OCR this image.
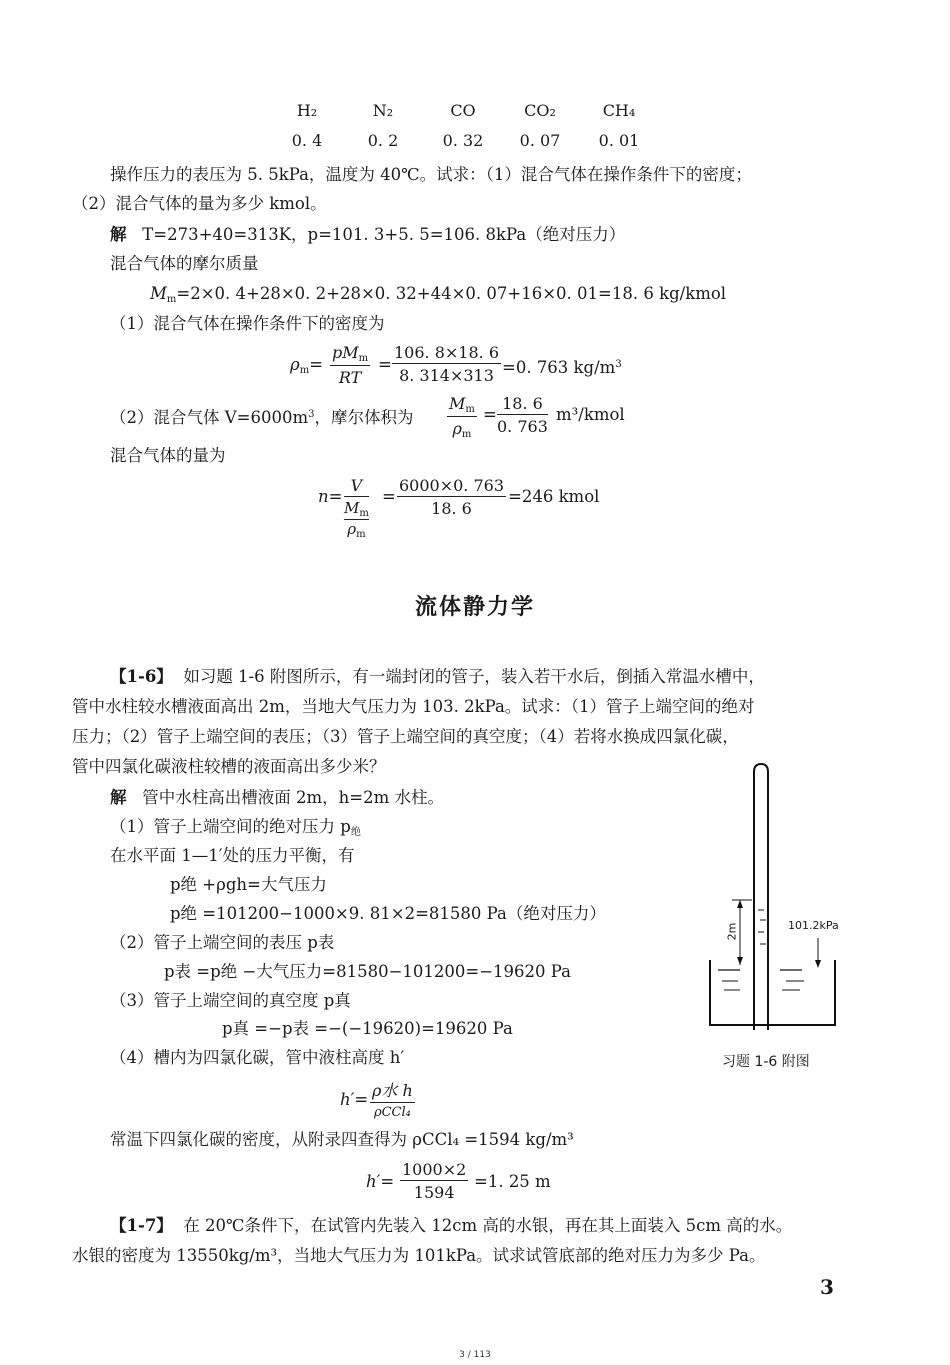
H₂	N₂	CO	CO₂	CH₄
0. 4	0. 2	0. 32	0. 07	0. 01
操作压力的表压为 5. 5kPa，温度为 40℃。试求：（1）混合气体在操作条件下的密度；
（2）混合气体的量为多少 kmol。
解 T=273+40=313K，p=101. 3+5. 5=106. 8kPa（绝对压力）
混合气体的摩尔质量
$M_m=2\times 0$. 4+28×0. 2+28×0. 32+44×0. 07+16×0. 01=18. 6 kg/kmol
（1）混合气体在操作条件下的密度为
$\rho_m=$
$pM_m$
RT
= $\frac{106. 8\times 18. 6}{8. 314\times 313} =0$. 763 $kg/m^3$
（2）混合气体 $V=6000m^3$，摩尔体积为 $\frac{M_m}{\rho_m} = \frac{18. 6}{0. 763}$ m³/kmol
混合气体的量为
n= V
$M_m$
$\rho_m = \frac{6000\times 0. 763}{18. 6} =246$ kmol
流体静力学
【1-6】 如习题 1-6 附图所示，有一端封闭的管子，装入若干水后，倒插入常温水槽中，
管中水柱较水槽液面高出 2m，当地大气压力为 103. 2kPa。试求：（1）管子上端空间的绝对
压力；（2）管子上端空间的表压；（3）管子上端空间的真空度；（4）若将水换成四氯化碳，
管中四氯化碳液柱较槽的液面高出多少米？
解 管中水柱高出槽液面 2m，h=2m 水柱。
（1）管子上端空间的绝对压力 $p_绝$
在水平面 1—1′处的压力平衡，有
p绝 +ρgh=大气压力
p绝 =101200−1000×9. 81×2=81580 Pa（绝对压力）
（2）管子上端空间的表压 p表
p表 =p绝 −大气压力=81580−101200=−19620 Pa
（3）管子上端空间的真空度 p真
p真 =−p表 =−(−19620)=19620 Pa
（4）槽内为四氯化碳，管中液柱高度 h′
h′= ρ水 h
ρCCl₄
常温下四氯化碳的密度，从附录四查得为 ρCCl₄ =1594 kg/m³
$h'= \frac{1000\times 2}{1594} =1$. 25 m
2m	101.2kPa
习题 1-6 附图
【1-7】 在 20℃条件下，在试管内先装入 12cm 高的水银，再在其上面装入 5cm 高的水。
水银的密度为 13550kg/m³，当地大气压力为 101kPa。试求试管底部的绝对压力为多少 Pa。
3
3 / 113
